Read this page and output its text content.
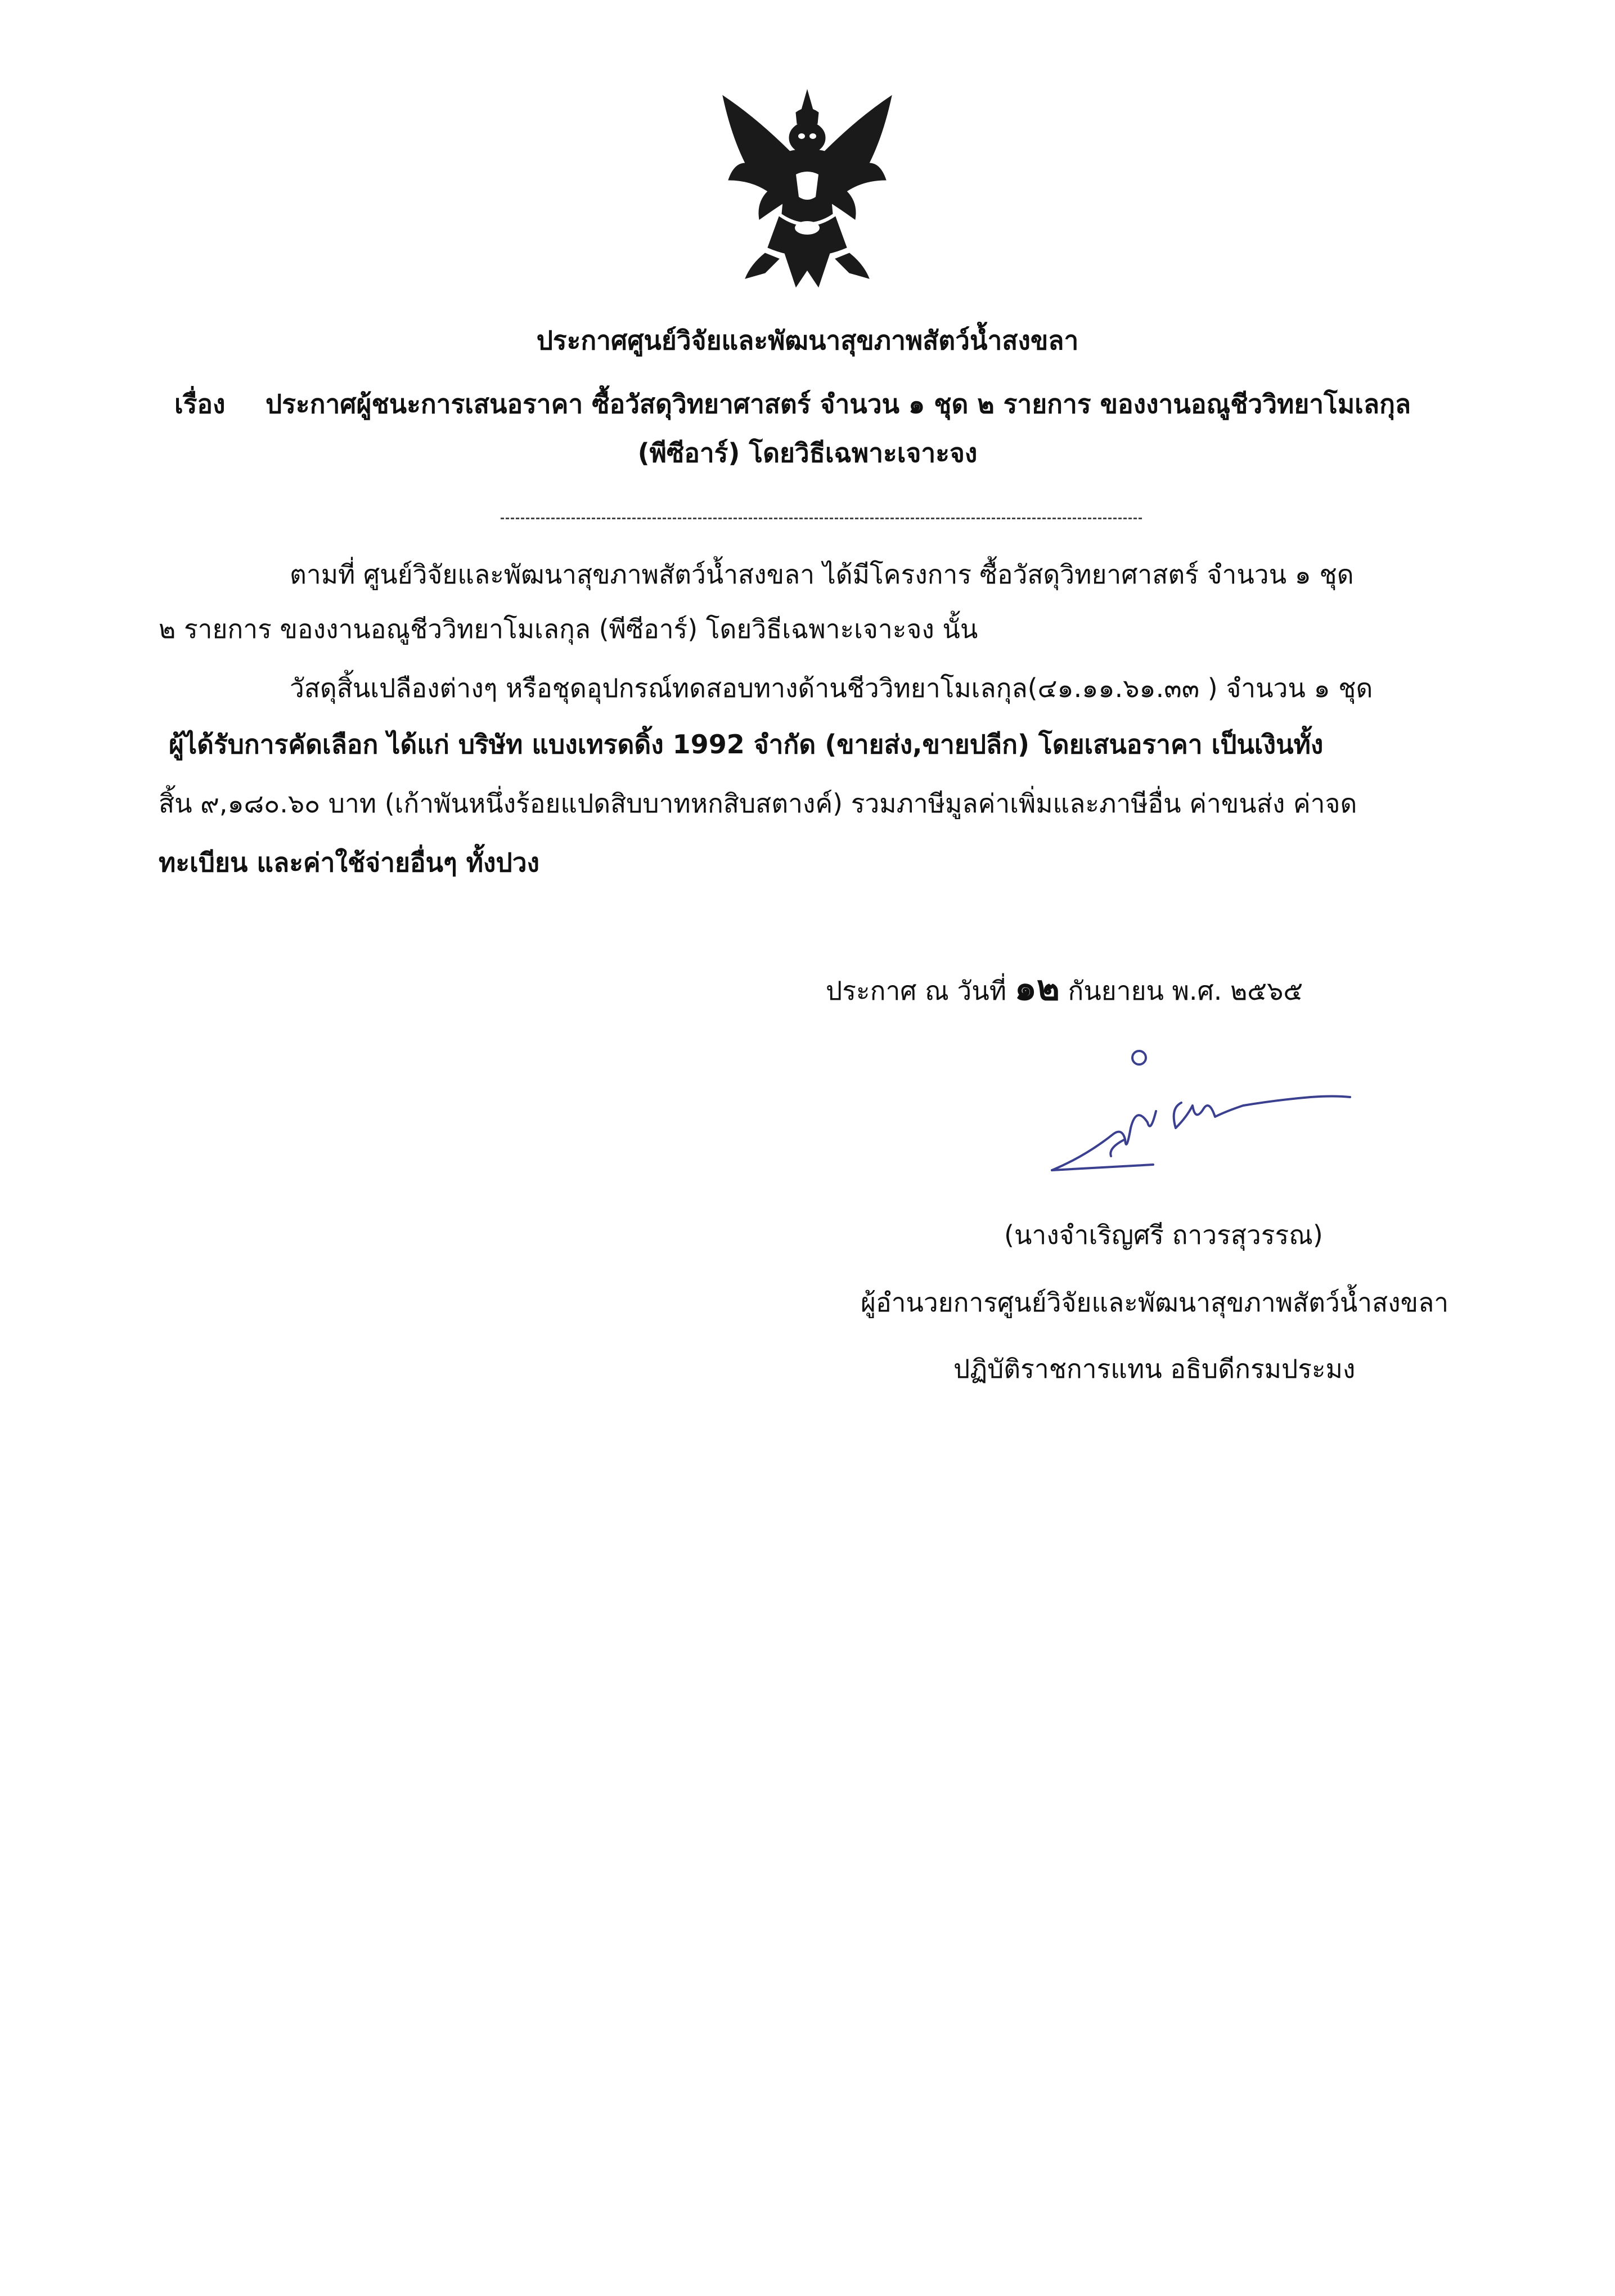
ประกาศศูนย์วิจัยและพัฒนาสุขภาพสัตว์น้ำสงขลา
เรื่อง ประกาศผู้ชนะการเสนอราคา ซื้อวัสดุวิทยาศาสตร์ จำนวน ๑ ชุด ๒ รายการ ของงานอณูชีววิทยาโมเลกุล
(พีซีอาร์) โดยวิธีเฉพาะเจาะจง
ตามที่ ศูนย์วิจัยและพัฒนาสุขภาพสัตว์น้ำสงขลา ได้มีโครงการ ซื้อวัสดุวิทยาศาสตร์ จำนวน ๑ ชุด
๒ รายการ ของงานอณูชีววิทยาโมเลกุล (พีซีอาร์) โดยวิธีเฉพาะเจาะจง นั้น
วัสดุสิ้นเปลืองต่างๆ หรือชุดอุปกรณ์ทดสอบทางด้านชีววิทยาโมเลกุล(๔๑.๑๑.๖๑.๓๓ ) จำนวน ๑ ชุด
ผู้ได้รับการคัดเลือก ได้แก่ บริษัท แบงเทรดดิ้ง 1992 จำกัด (ขายส่ง,ขายปลีก) โดยเสนอราคา เป็นเงินทั้ง
สิ้น ๙,๑๘๐.๖๐ บาท (เก้าพันหนึ่งร้อยแปดสิบบาทหกสิบสตางค์) รวมภาษีมูลค่าเพิ่มและภาษีอื่น ค่าขนส่ง ค่าจด
ทะเบียน และค่าใช้จ่ายอื่นๆ ทั้งปวง
ประกาศ ณ วันที่ ๑๒ กันยายน พ.ศ. ๒๕๖๕
(นางจำเริญศรี ถาวรสุวรรณ)
ผู้อำนวยการศูนย์วิจัยและพัฒนาสุขภาพสัตว์น้ำสงขลา
ปฏิบัติราชการแทน อธิบดีกรมประมง
